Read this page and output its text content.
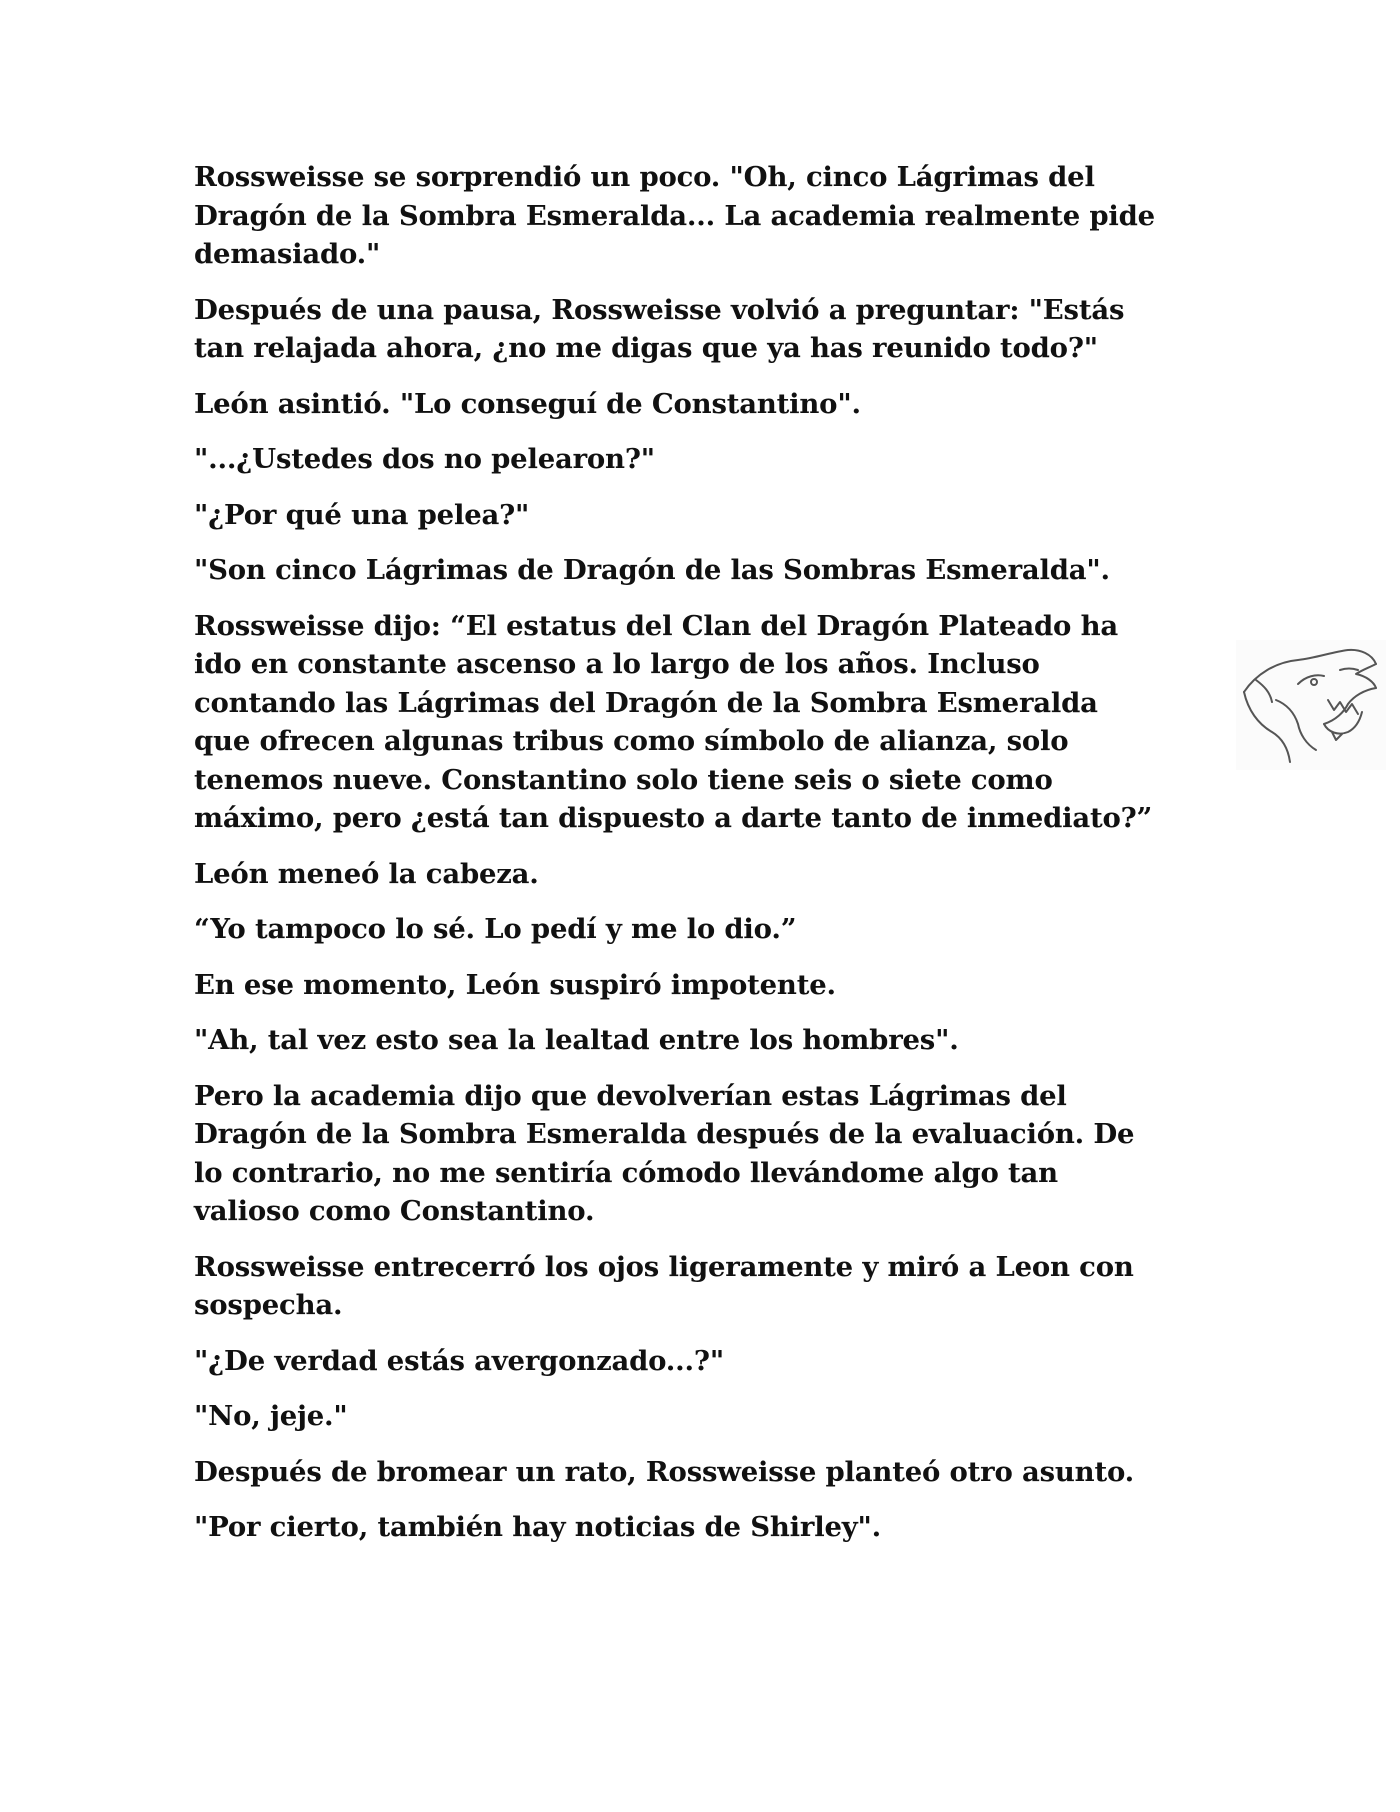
Rossweisse se sorprendió un poco. "Oh, cinco Lágrimas del
Dragón de la Sombra Esmeralda... La academia realmente pide
demasiado."

Después de una pausa, Rossweisse volvió a preguntar: "Estás
tan relajada ahora, ¿no me digas que ya has reunido todo?"

León asintió. "Lo conseguí de Constantino".

"...¿Ustedes dos no pelearon?"

"¿Por qué una pelea?"

"Son cinco Lágrimas de Dragón de las Sombras Esmeralda".

Rossweisse dijo: “El estatus del Clan del Dragón Plateado ha
ido en constante ascenso a lo largo de los años. Incluso
contando las Lágrimas del Dragón de la Sombra Esmeralda
que ofrecen algunas tribus como símbolo de alianza, solo
tenemos nueve. Constantino solo tiene seis o siete como
máximo, pero ¿está tan dispuesto a darte tanto de inmediato?”

León meneó la cabeza.

“Yo tampoco lo sé. Lo pedí y me lo dio.”

En ese momento, León suspiró impotente.

"Ah, tal vez esto sea la lealtad entre los hombres".

Pero la academia dijo que devolverían estas Lágrimas del
Dragón de la Sombra Esmeralda después de la evaluación. De
lo contrario, no me sentiría cómodo llevándome algo tan
valioso como Constantino.

Rossweisse entrecerró los ojos ligeramente y miró a Leon con
sospecha.

"¿De verdad estás avergonzado...?"

"No, jeje."

Después de bromear un rato, Rossweisse planteó otro asunto.

"Por cierto, también hay noticias de Shirley".
